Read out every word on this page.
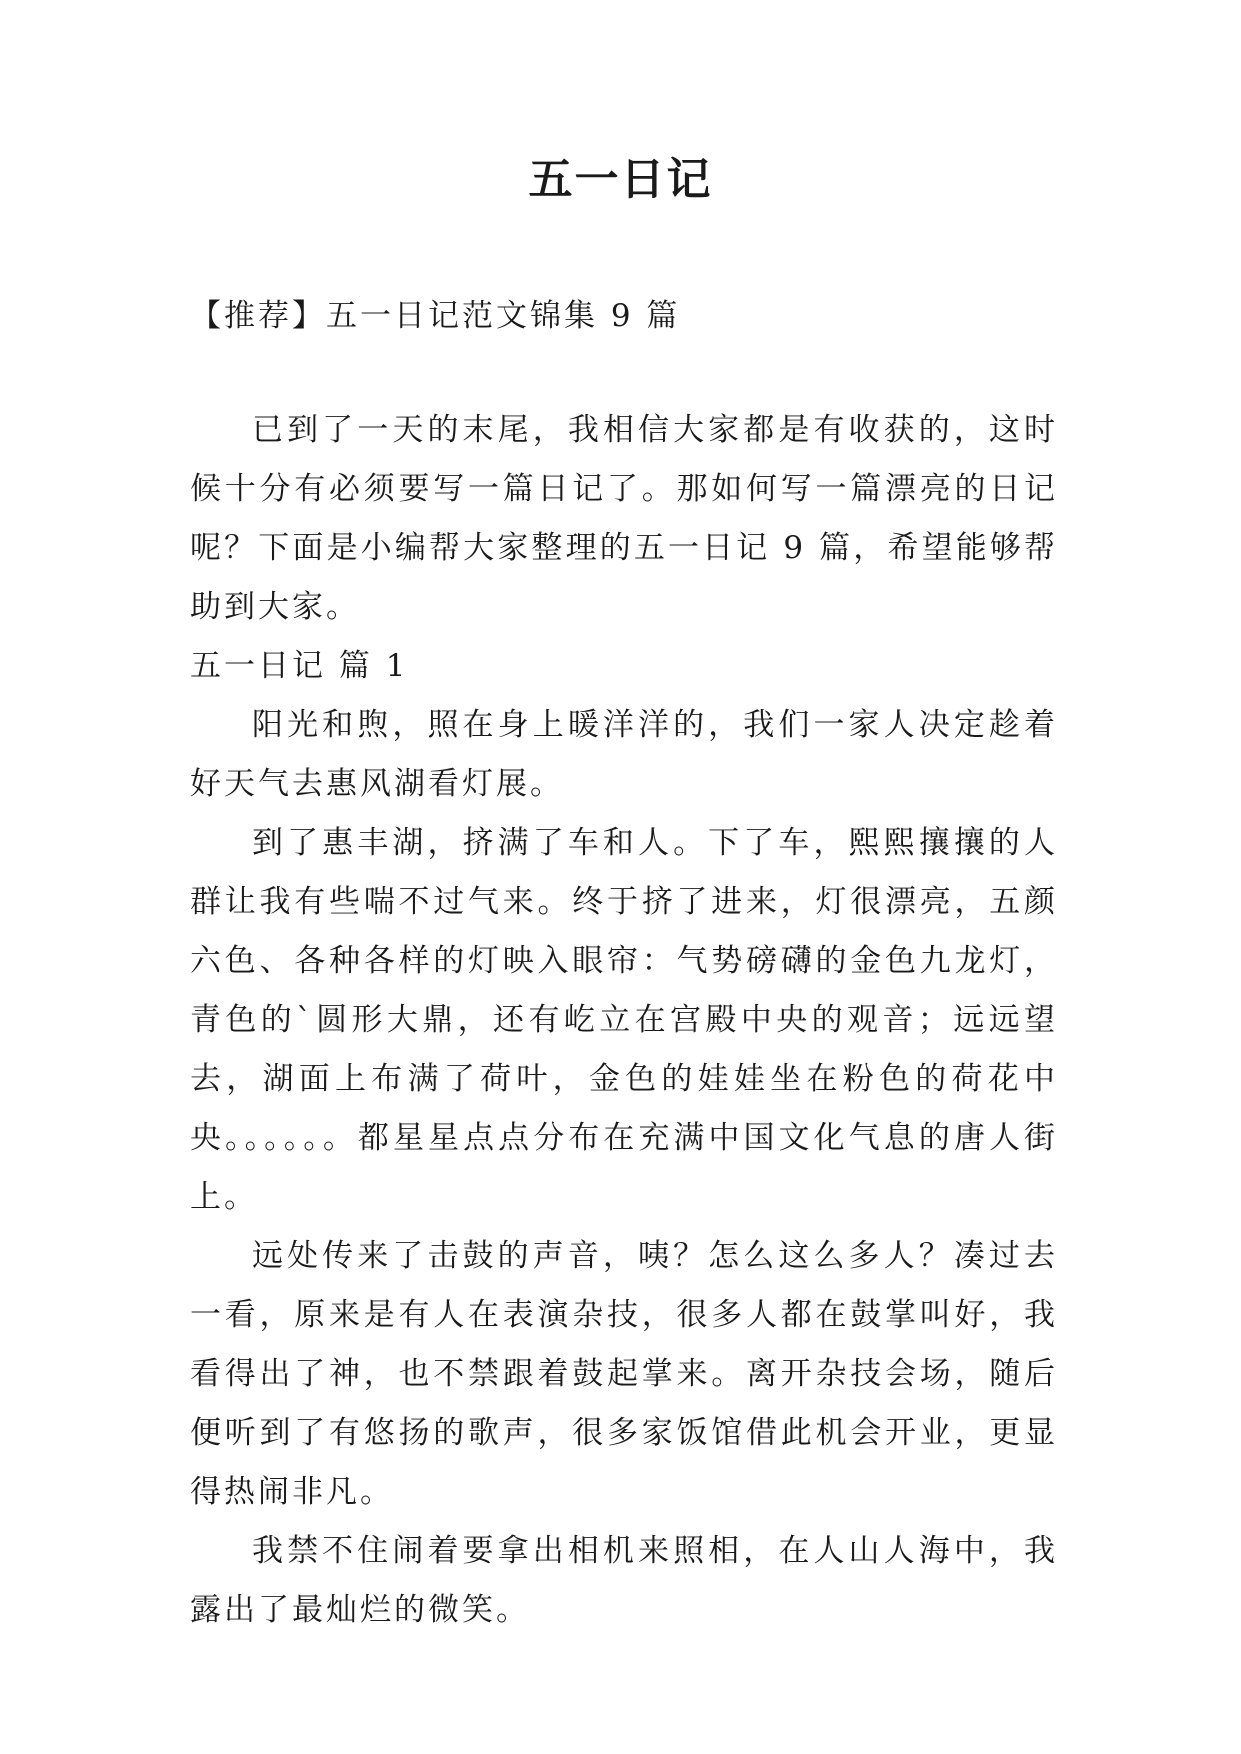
五一日记
【推荐】五一日记范文锦集 9 篇

已到了一天的末尾，我相信大家都是有收获的，这时候十分有必须要写一篇日记了。那如何写一篇漂亮的日记呢？下面是小编帮大家整理的五一日记 9 篇，希望能够帮助到大家。

五一日记 篇 1

阳光和煦，照在身上暖洋洋的，我们一家人决定趁着好天气去惠风湖看灯展。

到了惠丰湖，挤满了车和人。下了车，熙熙攘攘的人群让我有些喘不过气来。终于挤了进来，灯很漂亮，五颜六色、各种各样的灯映入眼帘：气势磅礴的金色九龙灯，青色的`圆形大鼎，还有屹立在宫殿中央的观音；远远望去，湖面上布满了荷叶，金色的娃娃坐在粉色的荷花中央。。。。。。都星星点点分布在充满中国文化气息的唐人街上。

远处传来了击鼓的声音，咦？怎么这么多人？凑过去一看，原来是有人在表演杂技，很多人都在鼓掌叫好，我看得出了神，也不禁跟着鼓起掌来。离开杂技会场，随后便听到了有悠扬的歌声，很多家饭馆借此机会开业，更显得热闹非凡。

我禁不住闹着要拿出相机来照相，在人山人海中，我露出了最灿烂的微笑。
